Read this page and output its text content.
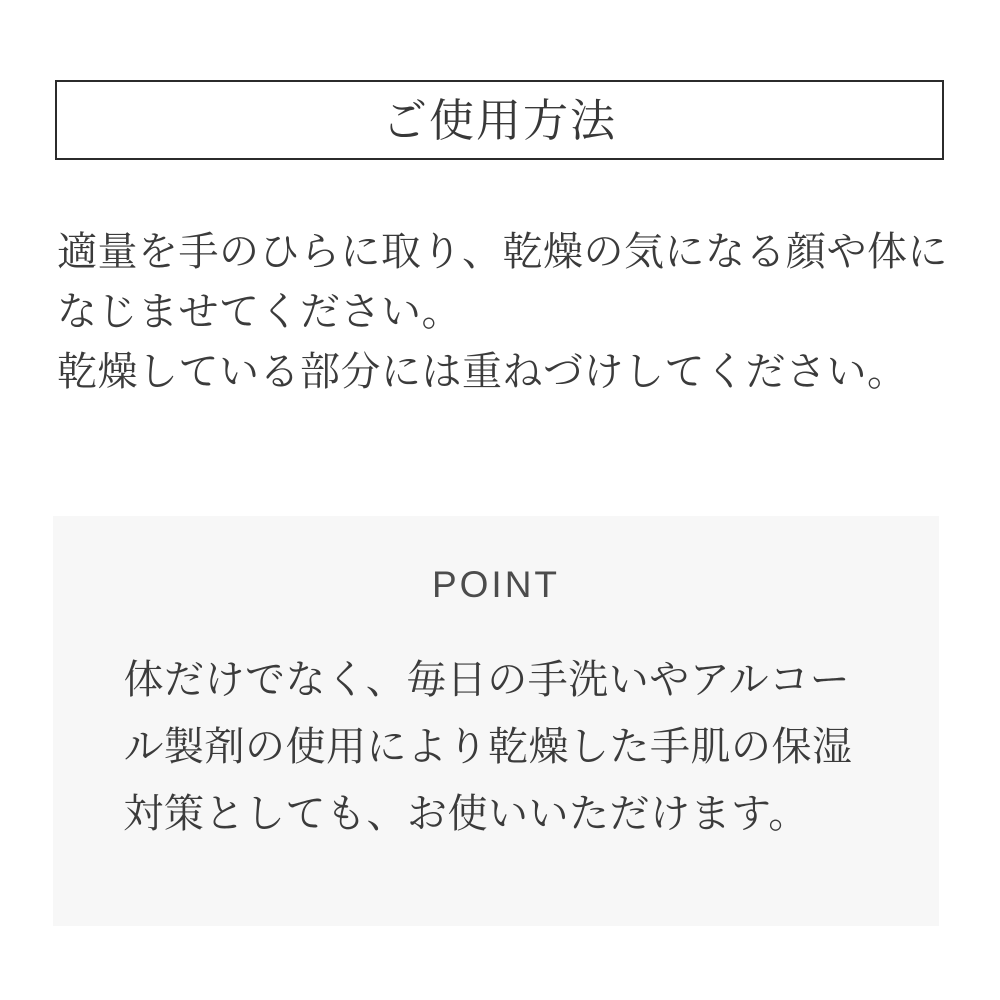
ご使用方法
適量を手のひらに取り、乾燥の気になる顔や体に
なじませてください。
乾燥している部分には重ねづけしてください。
POINT
体だけでなく、毎日の手洗いやアルコー
ル製剤の使用により乾燥した手肌の保湿
対策としても、お使いいただけます。
